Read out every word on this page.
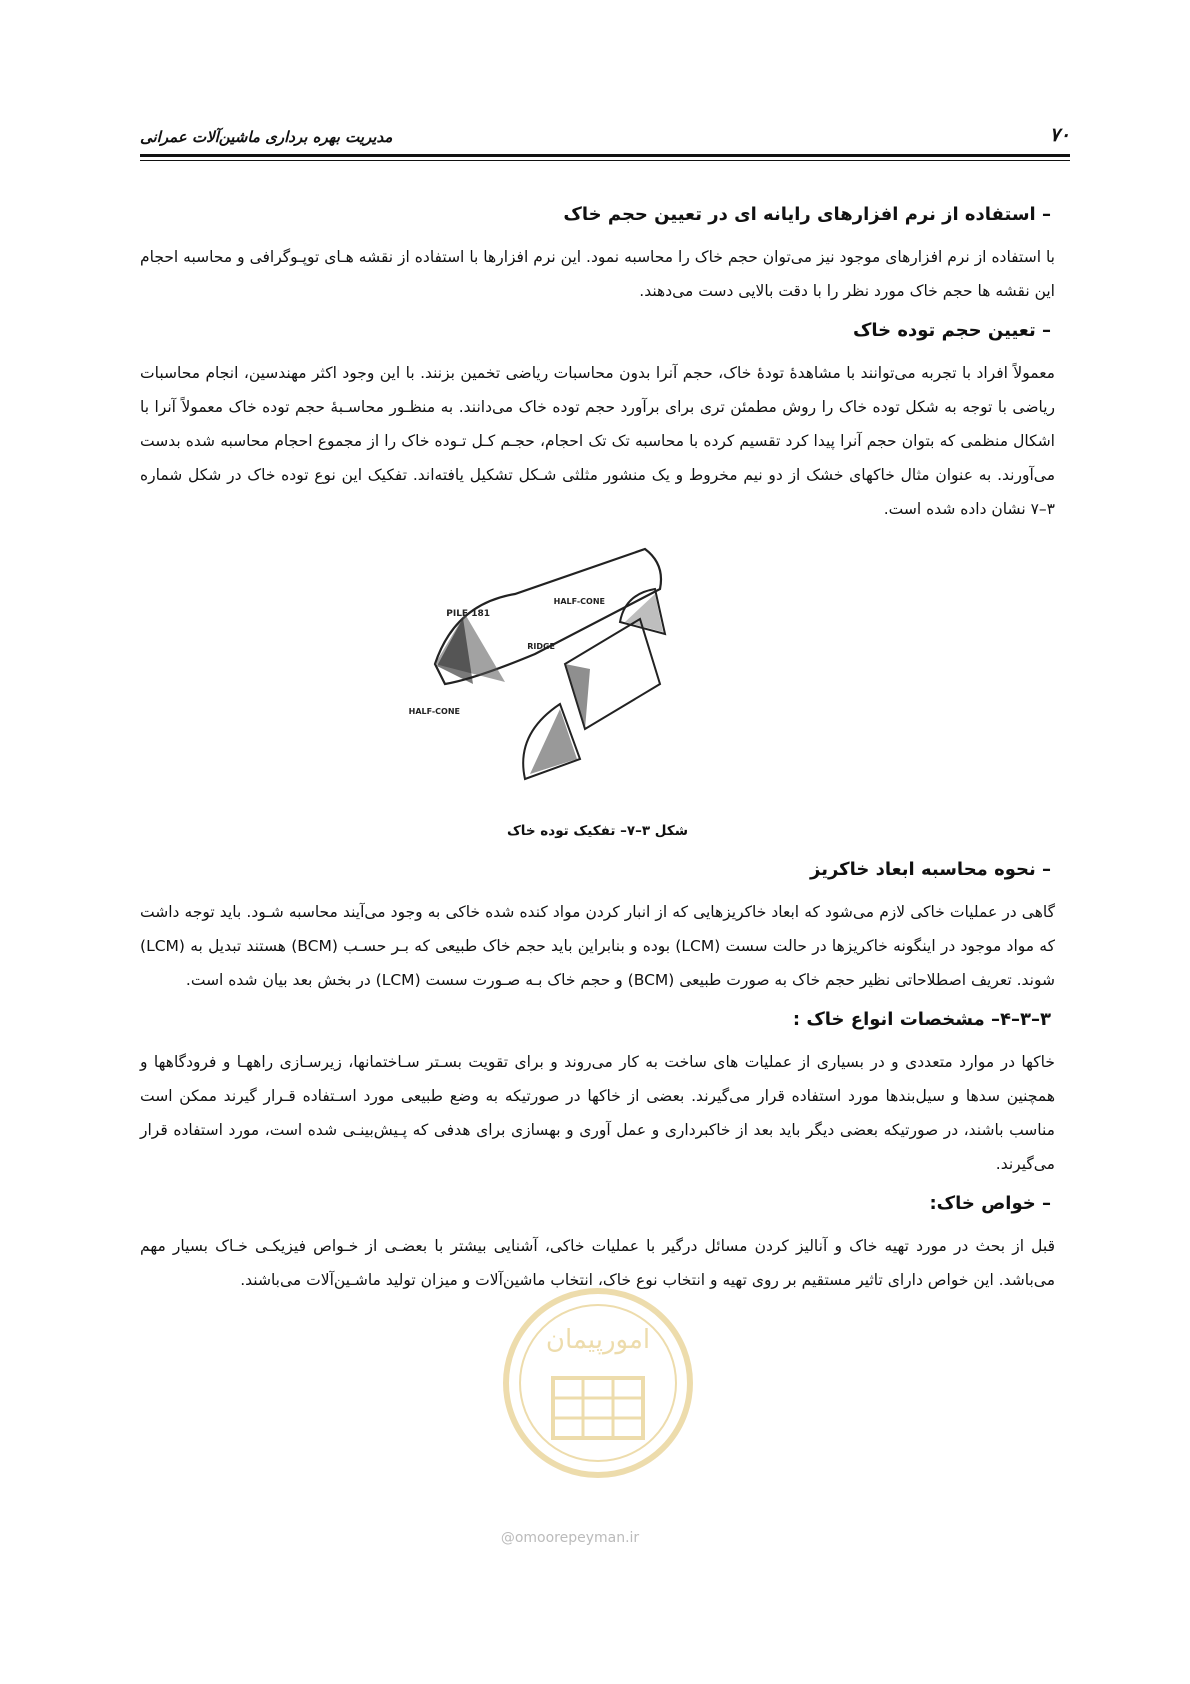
۷۰
مدیریت بهره برداری ماشین‌آلات عمرانی
– استفاده از نرم افزارهای رایانه ای در تعیین حجم خاک

با استفاده از نرم افزارهای موجود نیز می‌توان حجم خاک را محاسبه نمود. این نرم افزارها با استفاده از نقشه‌ هـای توپـوگرافی و محاسبه احجام این نقشه ها حجم خاک مورد نظر را با دقت بالایی دست می‌دهند.

– تعیین حجم توده خاک

معمولاً افراد با تجربه می‌توانند با مشاهدهٔ تودهٔ خاک، حجم آنرا بدون محاسبات ریاضی تخمین بزنند. با این وجود اکثر مهندسین، انجام محاسبات ریاضی با توجه به شکل توده خاک را روش مطمئن تری برای برآورد حجم توده خاک می‌دانند. به منظـور محاسـبهٔ حجم توده خاک معمولاً آنرا با اشکال منظمی که بتوان حجم آنرا پیدا کرد تقسیم کرده با محاسبه تک تک احجام، حجـم کـل تـوده خاک را از مجموع احجام محاسبه شده بدست می‌آورند. به عنوان مثال خاکهای خشک از دو نیم مخروط و یک منشور مثلثی شـکل تشکیل یافته‌اند. تفکیک این نوع توده خاک در شکل شماره ۳–۷ نشان داده شده است.

PILE 181
HALF-CONE
RIDGE
HALF-CONE
شکل ۳–۷– تفکیک توده خاک
– نحوه محاسبه ابعاد خاکریز

گاهی در عملیات خاکی لازم می‌شود که ابعاد خاکریزهایی که از انبار کردن مواد کنده شده خاکی به وجود می‌آیند محاسبه شـود. باید توجه داشت که مواد موجود در اینگونه خاکریزها در حالت سست (LCM) بوده و بنابراین باید حجم خاک طبیعی که بـر حسـب (BCM) هستند تبدیل به (LCM) شوند. تعریف اصطلاحاتی نظیر حجم خاک به صورت طبیعی (BCM) و حجم خاک بـه صـورت سست (LCM) در بخش بعد بیان شده است.

۳–۳–۴– مشخصات انواع خاک :

خاکها در موارد متعددی و در بسیاری از عملیات های ساخت به کار می‌روند و برای تقویت بسـتر سـاختمانها، زیرسـازی راههـا و فرودگاهها و همچنین سدها و سیل‌بندها مورد استفاده قرار می‌گیرند. بعضی از خاکها در صورتیکه به وضع طبیعی مورد اسـتفاده قـرار گیرند ممکن است مناسب باشند، در صورتیکه بعضی دیگر باید بعد از خاکبرداری و عمل آوری و بهسازی برای هدفی که پـیش‌بینـی شده است، مورد استفاده قرار می‌گیرند.

– خواص خاک:

قبل از بحث در مورد تهیه خاک و آنالیز کردن مسائل درگیر با عملیات خاکی، آشنایی بیشتر با بعضـی از خـواص فیزیکـی خـاک بسیار مهم می‌باشد. این خواص دارای تاثیر مستقیم بر روی تهیه و انتخاب نوع خاک، انتخاب ماشین‌آلات و میزان تولید ماشـین‌آلات می‌باشند.

امورپیمان
@omoorepeyman.ir
